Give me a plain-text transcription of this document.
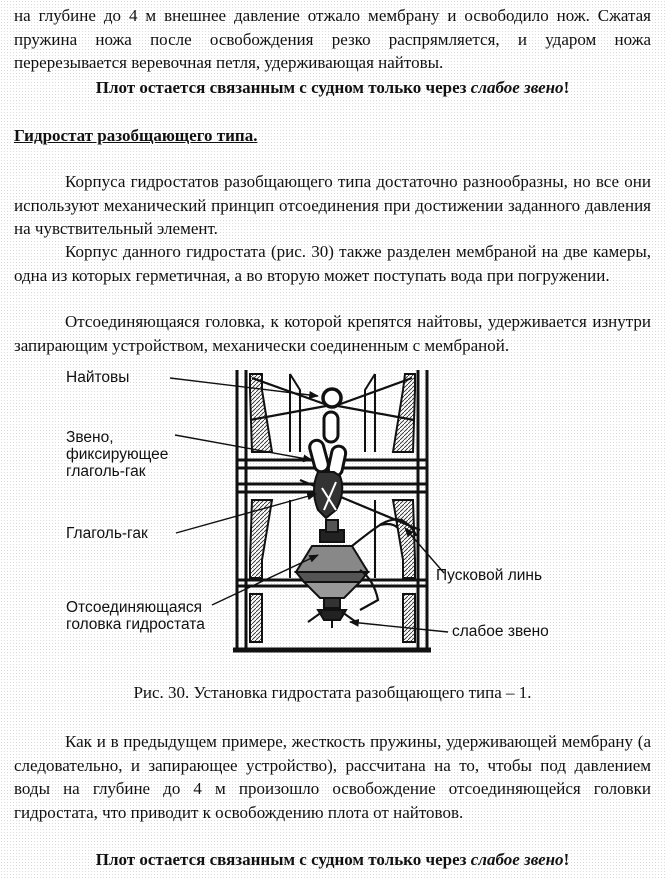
на глубине до 4 м внешнее давление отжало мембрану и освободило нож. Сжатая пружина ножа после освобождения резко распрямляется, и ударом ножа перерезывается веревочная петля, удерживающая найтовы.

Плот остается связанным с судном только через слабое звено!

Гидростат разобщающего типа.

Корпуса гидростатов разобщающего типа достаточно разнообразны, но все они используют механический принцип отсоединения при достижении заданного давления на чувствительный элемент.

Корпус данного гидростата (рис. 30) также разделен мембраной на две камеры, одна из которых герметичная, а во вторую может поступать вода при погружении.

Отсоединяющаяся головка, к которой крепятся найтовы, удерживается изнутри запирающим устройством, механически соединенным с мембраной.

Найтовы
Звено,
фиксирующее
глаголь-гак
Глаголь-гак
Отсоединяющаяся
головка гидростата
Пусковой линь
слабое звено
Рис. 30. Установка гидростата разобщающего типа – 1.

Как и в предыдущем примере, жесткость пружины, удерживающей мембрану (а следовательно, и запирающее устройство), рассчитана на то, чтобы под давлением воды на глубине до 4 м произошло освобождение отсоединяющейся головки гидростата, что приводит к освобождению плота от найтовов.

Плот остается связанным с судном только через слабое звено!
